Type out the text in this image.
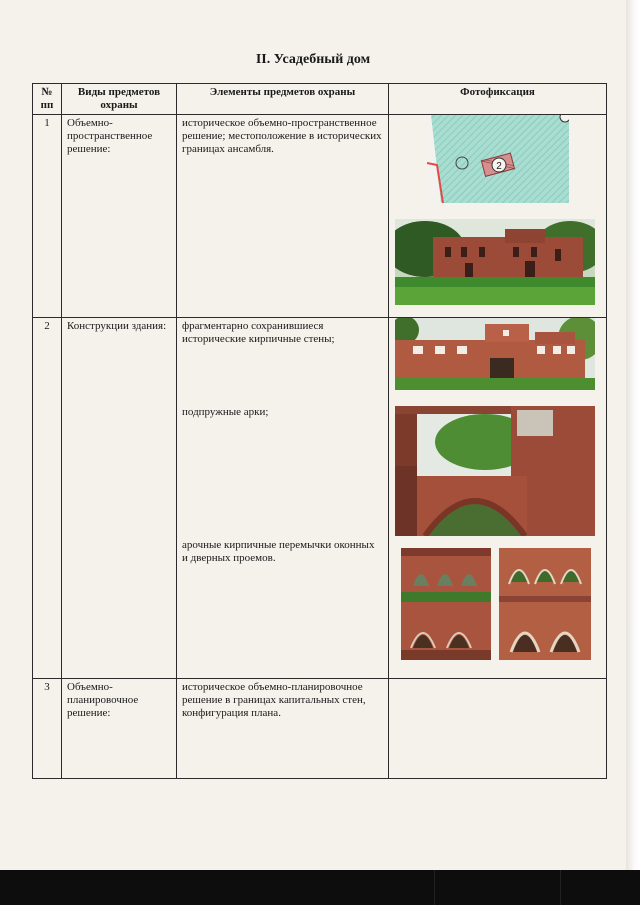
II. Усадебный дом
№ пп	Виды предметов охраны	Элементы предметов охраны	Фотофиксация
1	Объемно-пространственное решение:	историческое объемно-пространственное решение; местоположение в исторических границах ансамбля.	2

2	Конструкции здания:	фрагментарно сохранившиеся исторические кирпичные стены;
подпружные арки;
арочные кирпичные перемычки оконных и дверных проемов.

3	Объемно-планировочное решение:	историческое объемно-планировочное решение в границах капитальных стен, конфигурация плана.	
